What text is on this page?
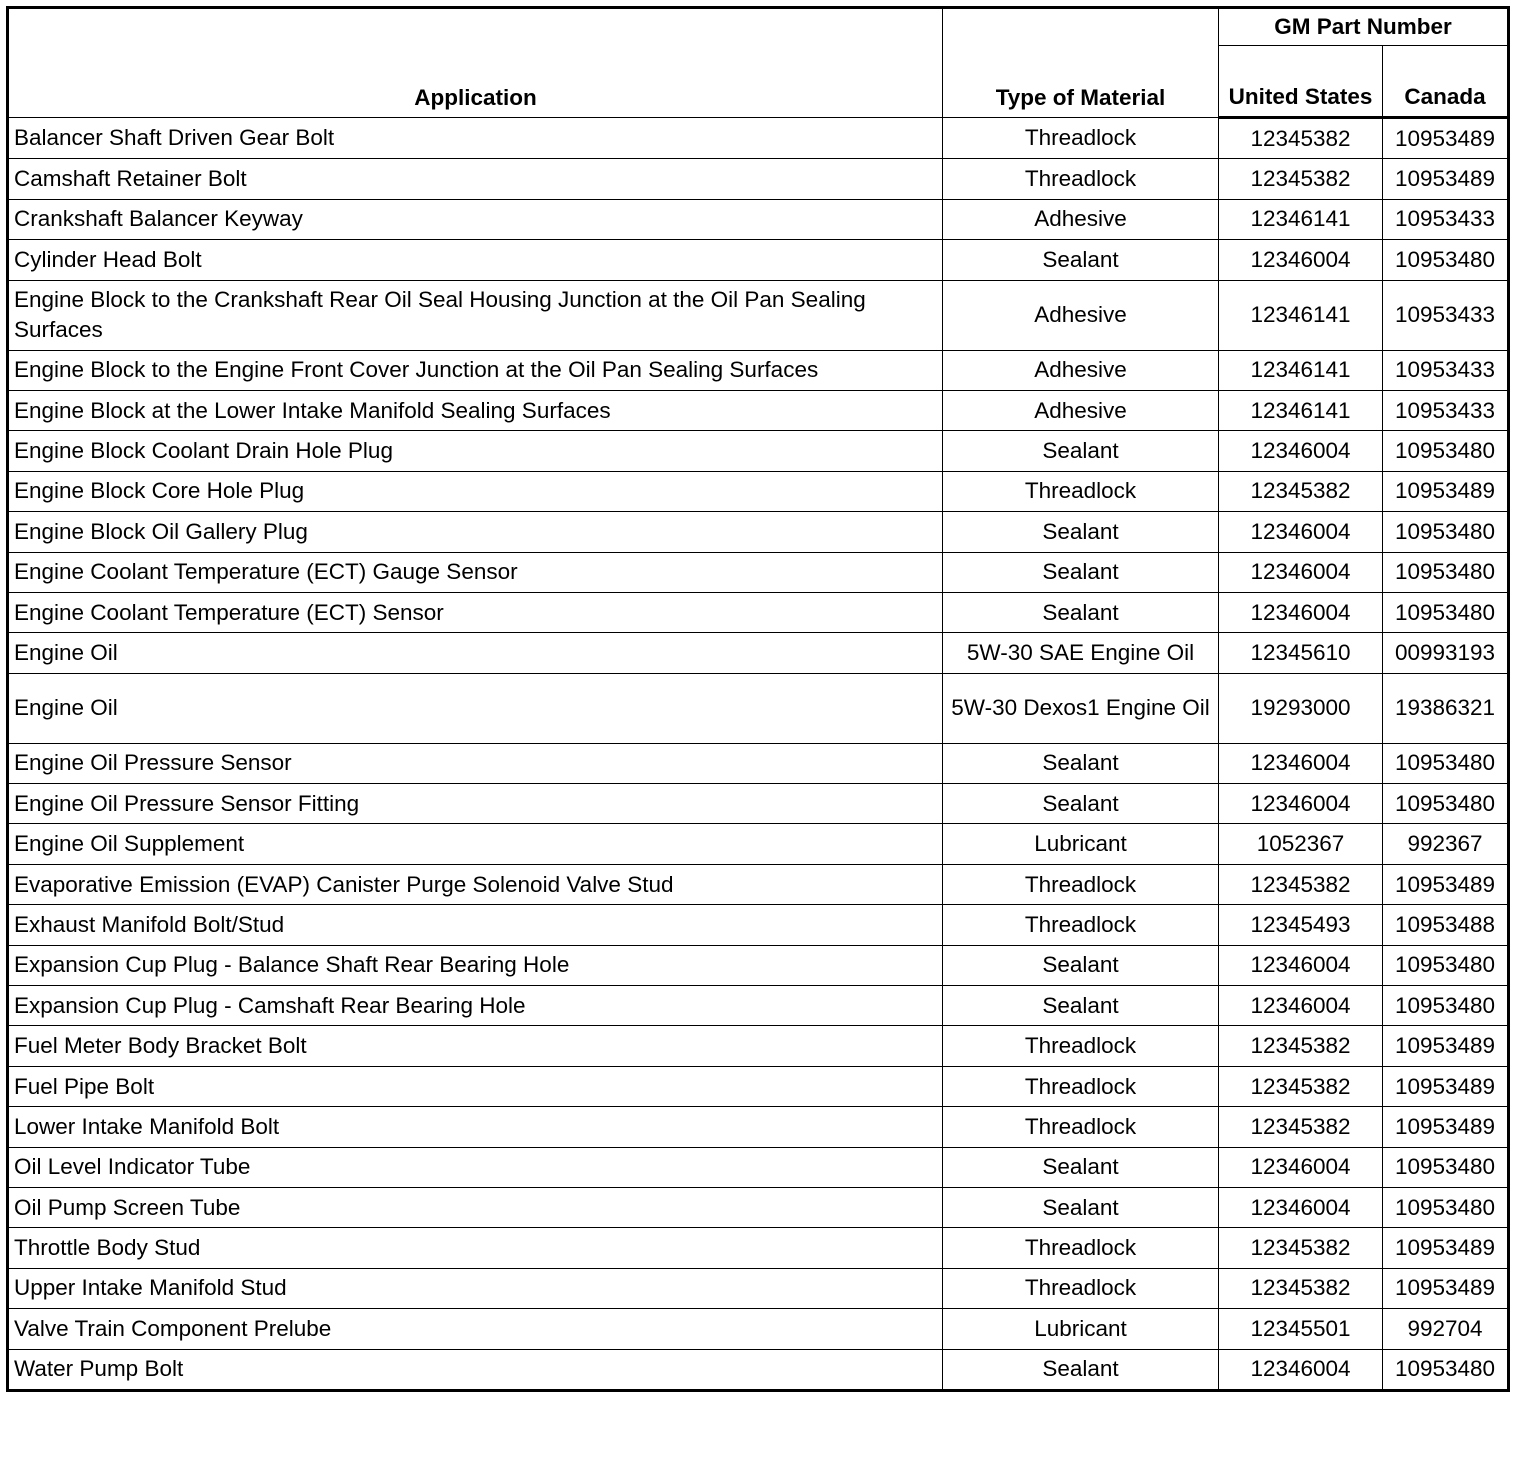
Application	Type of Material	GM Part Number	
		United States	Canada
Balancer Shaft Driven Gear Bolt	Threadlock	12345382	10953489
Camshaft Retainer Bolt	Threadlock	12345382	10953489
Crankshaft Balancer Keyway	Adhesive	12346141	10953433
Cylinder Head Bolt	Sealant	12346004	10953480
Engine Block to the Crankshaft Rear Oil Seal Housing Junction at the Oil Pan Sealing Surfaces	Adhesive	12346141	10953433
Engine Block to the Engine Front Cover Junction at the Oil Pan Sealing Surfaces	Adhesive	12346141	10953433
Engine Block at the Lower Intake Manifold Sealing Surfaces	Adhesive	12346141	10953433
Engine Block Coolant Drain Hole Plug	Sealant	12346004	10953480
Engine Block Core Hole Plug	Threadlock	12345382	10953489
Engine Block Oil Gallery Plug	Sealant	12346004	10953480
Engine Coolant Temperature (ECT) Gauge Sensor	Sealant	12346004	10953480
Engine Coolant Temperature (ECT) Sensor	Sealant	12346004	10953480
Engine Oil	5W-30 SAE Engine Oil	12345610	00993193
Engine Oil	5W-30 Dexos1 Engine Oil	19293000	19386321
Engine Oil Pressure Sensor	Sealant	12346004	10953480
Engine Oil Pressure Sensor Fitting	Sealant	12346004	10953480
Engine Oil Supplement	Lubricant	1052367	992367
Evaporative Emission (EVAP) Canister Purge Solenoid Valve Stud	Threadlock	12345382	10953489
Exhaust Manifold Bolt/Stud	Threadlock	12345493	10953488
Expansion Cup Plug - Balance Shaft Rear Bearing Hole	Sealant	12346004	10953480
Expansion Cup Plug - Camshaft Rear Bearing Hole	Sealant	12346004	10953480
Fuel Meter Body Bracket Bolt	Threadlock	12345382	10953489
Fuel Pipe Bolt	Threadlock	12345382	10953489
Lower Intake Manifold Bolt	Threadlock	12345382	10953489
Oil Level Indicator Tube	Sealant	12346004	10953480
Oil Pump Screen Tube	Sealant	12346004	10953480
Throttle Body Stud	Threadlock	12345382	10953489
Upper Intake Manifold Stud	Threadlock	12345382	10953489
Valve Train Component Prelube	Lubricant	12345501	992704
Water Pump Bolt	Sealant	12346004	10953480
